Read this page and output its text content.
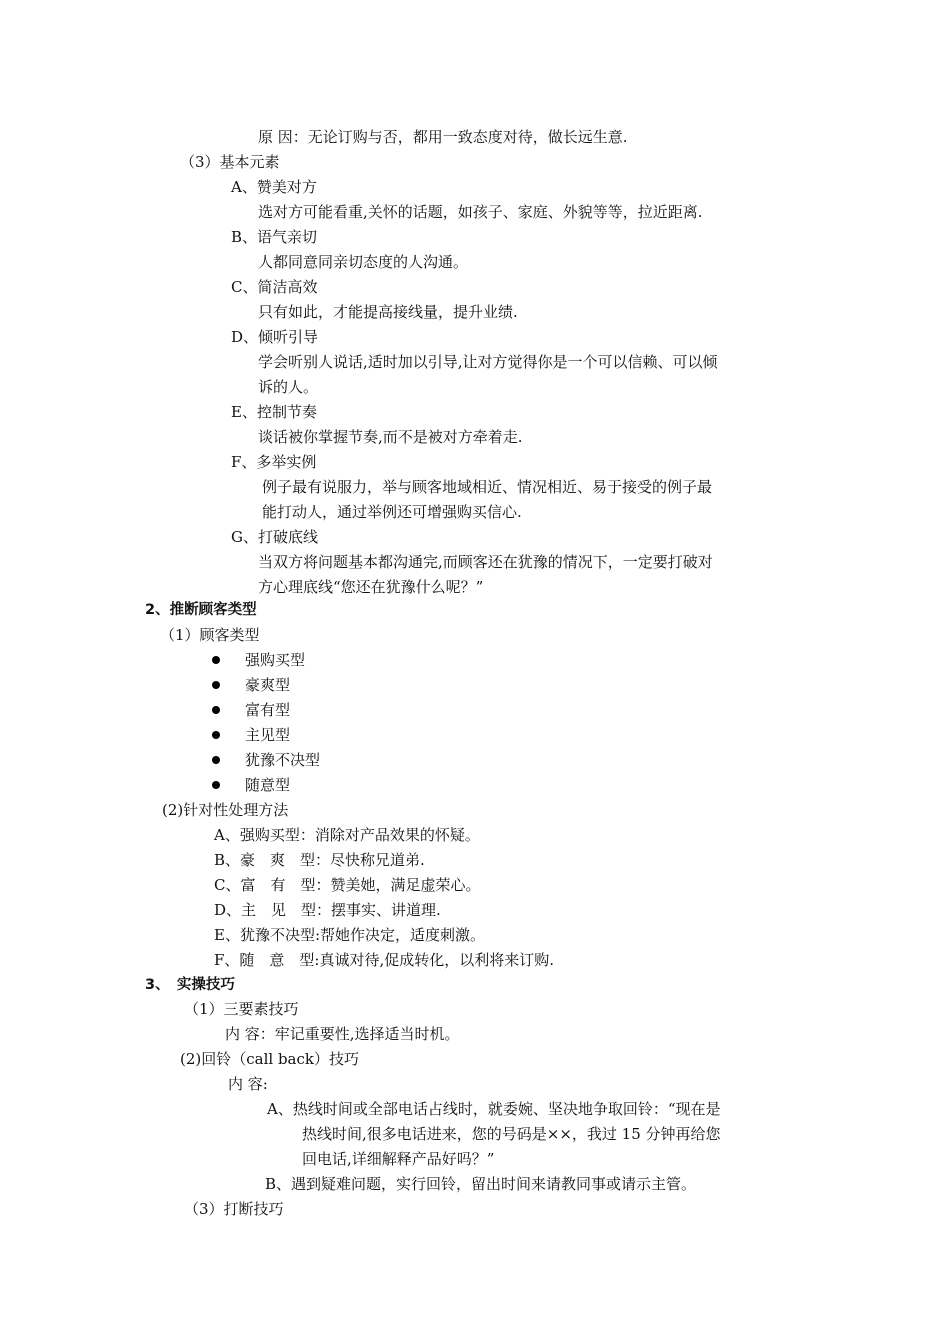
原 因：无论订购与否，都用一致态度对待，做长远生意.
（3）基本元素
A、赞美对方
选对方可能看重,关怀的话题，如孩子、家庭、外貌等等，拉近距离.
B、语气亲切
人都同意同亲切态度的人沟通。
C、简洁高效
只有如此，才能提高接线量，提升业绩.
D、倾听引导
学会听别人说话,适时加以引导,让对方觉得你是一个可以信赖、可以倾
诉的人。
E、控制节奏
谈话被你掌握节奏,而不是被对方牵着走.
F、多举实例
例子最有说服力，举与顾客地域相近、情况相近、易于接受的例子最
能打动人，通过举例还可增强购买信心.
G、打破底线
当双方将问题基本都沟通完,而顾客还在犹豫的情况下，一定要打破对
方心理底线“您还在犹豫什么呢？”
2、推断顾客类型
（1）顾客类型
强购买型
豪爽型
富有型
主见型
犹豫不决型
随意型
(2)针对性处理方法
A、强购买型：消除对产品效果的怀疑。
B、豪　爽　型：尽快称兄道弟.
C、富　有　型：赞美她，满足虚荣心。
D、主　见　型：摆事实、讲道理.
E、犹豫不决型:帮她作决定，适度刺激。
F、随　意　型:真诚对待,促成转化，以利将来订购.
3、　实操技巧
（1）三要素技巧
内 容：牢记重要性,选择适当时机。
(2)回铃（call back）技巧
内 容:
A、热线时间或全部电话占线时，就委婉、坚决地争取回铃：“现在是
热线时间,很多电话进来，您的号码是××，我过 15 分钟再给您
回电话,详细解释产品好吗？”
B、遇到疑难问题，实行回铃，留出时间来请教同事或请示主管。
（3）打断技巧
